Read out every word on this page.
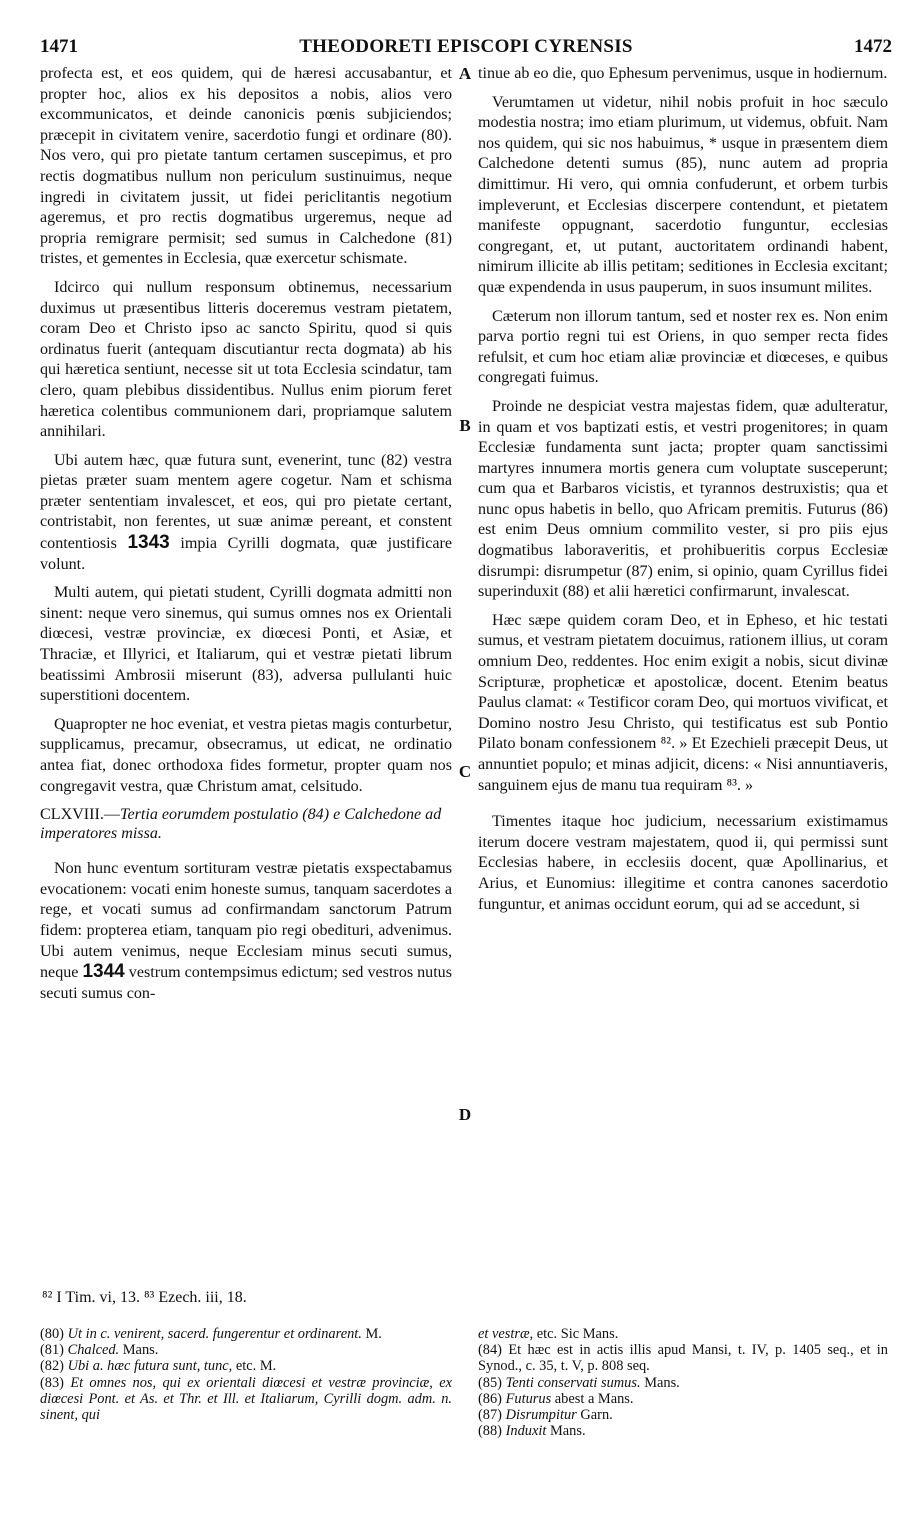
1471	THEODORETI EPISCOPI CYRENSIS	1472
A
B
C
D

profecta est, et eos quidem, qui de hæresi accusabantur, et propter hoc, alios ex his depositos a nobis, alios vero excommunicatos, et deinde canonicis pœnis subjiciendos; præcepit in civitatem venire, sacerdotio fungi et ordinare (80). Nos vero, qui pro pietate tantum certamen suscepimus, et pro rectis dogmatibus nullum non periculum sustinuimus, neque ingredi in civitatem jussit, ut fidei periclitantis negotium ageremus, et pro rectis dogmatibus urgeremus, neque ad propria remigrare permisit; sed sumus in Calchedone (81) tristes, et gementes in Ecclesia, quæ exercetur schismate.

Idcirco qui nullum responsum obtinemus, necessarium duximus ut præsentibus litteris doceremus vestram pietatem, coram Deo et Christo ipso ac sancto Spiritu, quod si quis ordinatus fuerit (antequam discutiantur recta dogmata) ab his qui hæretica sentiunt, necesse sit ut tota Ecclesia scindatur, tam clero, quam plebibus dissidentibus. Nullus enim piorum feret hæretica colentibus communionem dari, propriamque salutem annihilari.

Ubi autem hæc, quæ futura sunt, evenerint, tunc (82) vestra pietas præter suam mentem agere cogetur. Nam et schisma præter sententiam invalescet, et eos, qui pro pietate certant, contristabit, non ferentes, ut suæ animæ pereant, et constent contentiosis 1343 impia Cyrilli dogmata, quæ justificare volunt.

Multi autem, qui pietati student, Cyrilli dogmata admitti non sinent: neque vero sinemus, qui sumus omnes nos ex Orientali diœcesi, vestræ provinciæ, ex diœcesi Ponti, et Asiæ, et Thraciæ, et Illyrici, et Italiarum, qui et vestræ pietati librum beatissimi Ambrosii miserunt (83), adversa pullulanti huic superstitioni docentem.

Quapropter ne hoc eveniat, et vestra pietas magis conturbetur, supplicamus, precamur, obsecramus, ut edicat, ne ordinatio antea fiat, donec orthodoxa fides formetur, propter quam nos congregavit vestra, quæ Christum amat, celsitudo.

CLXVIII.—Tertia eorumdem postulatio (84) e Calchedone ad imperatores missa.

Non hunc eventum sortituram vestræ pietatis exspectabamus evocationem: vocati enim honeste sumus, tanquam sacerdotes a rege, et vocati sumus ad confirmandam sanctorum Patrum fidem: propterea etiam, tanquam pio regi obedituri, advenimus. Ubi autem venimus, neque Ecclesiam minus secuti sumus, neque 1344 vestrum contempsimus edictum; sed vestros nutus secuti sumus con-

tinue ab eo die, quo Ephesum pervenimus, usque in hodiernum.

Verumtamen ut videtur, nihil nobis profuit in hoc sæculo modestia nostra; imo etiam plurimum, ut videmus, obfuit. Nam nos quidem, qui sic nos habuimus, * usque in præsentem diem Calchedone detenti sumus (85), nunc autem ad propria dimittimur. Hi vero, qui omnia confuderunt, et orbem turbis impleverunt, et Ecclesias discerpere contendunt, et pietatem manifeste oppugnant, sacerdotio funguntur, ecclesias congregant, et, ut putant, auctoritatem ordinandi habent, nimirum illicite ab illis petitam; seditiones in Ecclesia excitant; quæ expendenda in usus pauperum, in suos insumunt milites.

Cæterum non illorum tantum, sed et noster rex es. Non enim parva portio regni tui est Oriens, in quo semper recta fides refulsit, et cum hoc etiam aliæ provinciæ et diœceses, e quibus congregati fuimus.

Proinde ne despiciat vestra majestas fidem, quæ adulteratur, in quam et vos baptizati estis, et vestri progenitores; in quam Ecclesiæ fundamenta sunt jacta; propter quam sanctissimi martyres innumera mortis genera cum voluptate susceperunt; cum qua et Barbaros vicistis, et tyrannos destruxistis; qua et nunc opus habetis in bello, quo Africam premitis. Futurus (86) est enim Deus omnium commilito vester, si pro piis ejus dogmatibus laboraveritis, et prohibueritis corpus Ecclesiæ disrumpi: disrumpetur (87) enim, si opinio, quam Cyrillus fidei superinduxit (88) et alii hæretici confirmarunt, invalescat.

Hæc sæpe quidem coram Deo, et in Epheso, et hic testati sumus, et vestram pietatem docuimus, rationem illius, ut coram omnium Deo, reddentes. Hoc enim exigit a nobis, sicut divinæ Scripturæ, propheticæ et apostolicæ, docent. Etenim beatus Paulus clamat: « Testificor coram Deo, qui mortuos vivificat, et Domino nostro Jesu Christo, qui testificatus est sub Pontio Pilato bonam confessionem ⁸². » Et Ezechieli præcepit Deus, ut annuntiet populo; et minas adjicit, dicens: « Nisi annuntiaveris, sanguinem ejus de manu tua requiram ⁸³. »

Timentes itaque hoc judicium, necessarium existimamus iterum docere vestram majestatem, quod ii, qui permissi sunt Ecclesias habere, in ecclesiis docent, quæ Apollinarius, et Arius, et Eunomius: illegitime et contra canones sacerdotio funguntur, et animas occidunt eorum, qui ad se accedunt, si

⁸² I Tim. vi, 13. ⁸³ Ezech. iii, 18.

(80) Ut in c. venirent, sacerd. fungerentur et ordinarent. M.

(81) Chalced. Mans.

(82) Ubi a. hæc futura sunt, tunc, etc. M.

(83) Et omnes nos, qui ex orientali diœcesi et vestræ provinciæ, ex diœcesi Pont. et As. et Thr. et Ill. et Italiarum, Cyrilli dogm. adm. n. sinent, qui

et vestræ, etc. Sic Mans.

(84) Et hæc est in actis illis apud Mansi, t. IV, p. 1405 seq., et in Synod., c. 35, t. V, p. 808 seq.

(85) Tenti conservati sumus. Mans.

(86) Futurus abest a Mans.

(87) Disrumpitur Garn.

(88) Induxit Mans.
